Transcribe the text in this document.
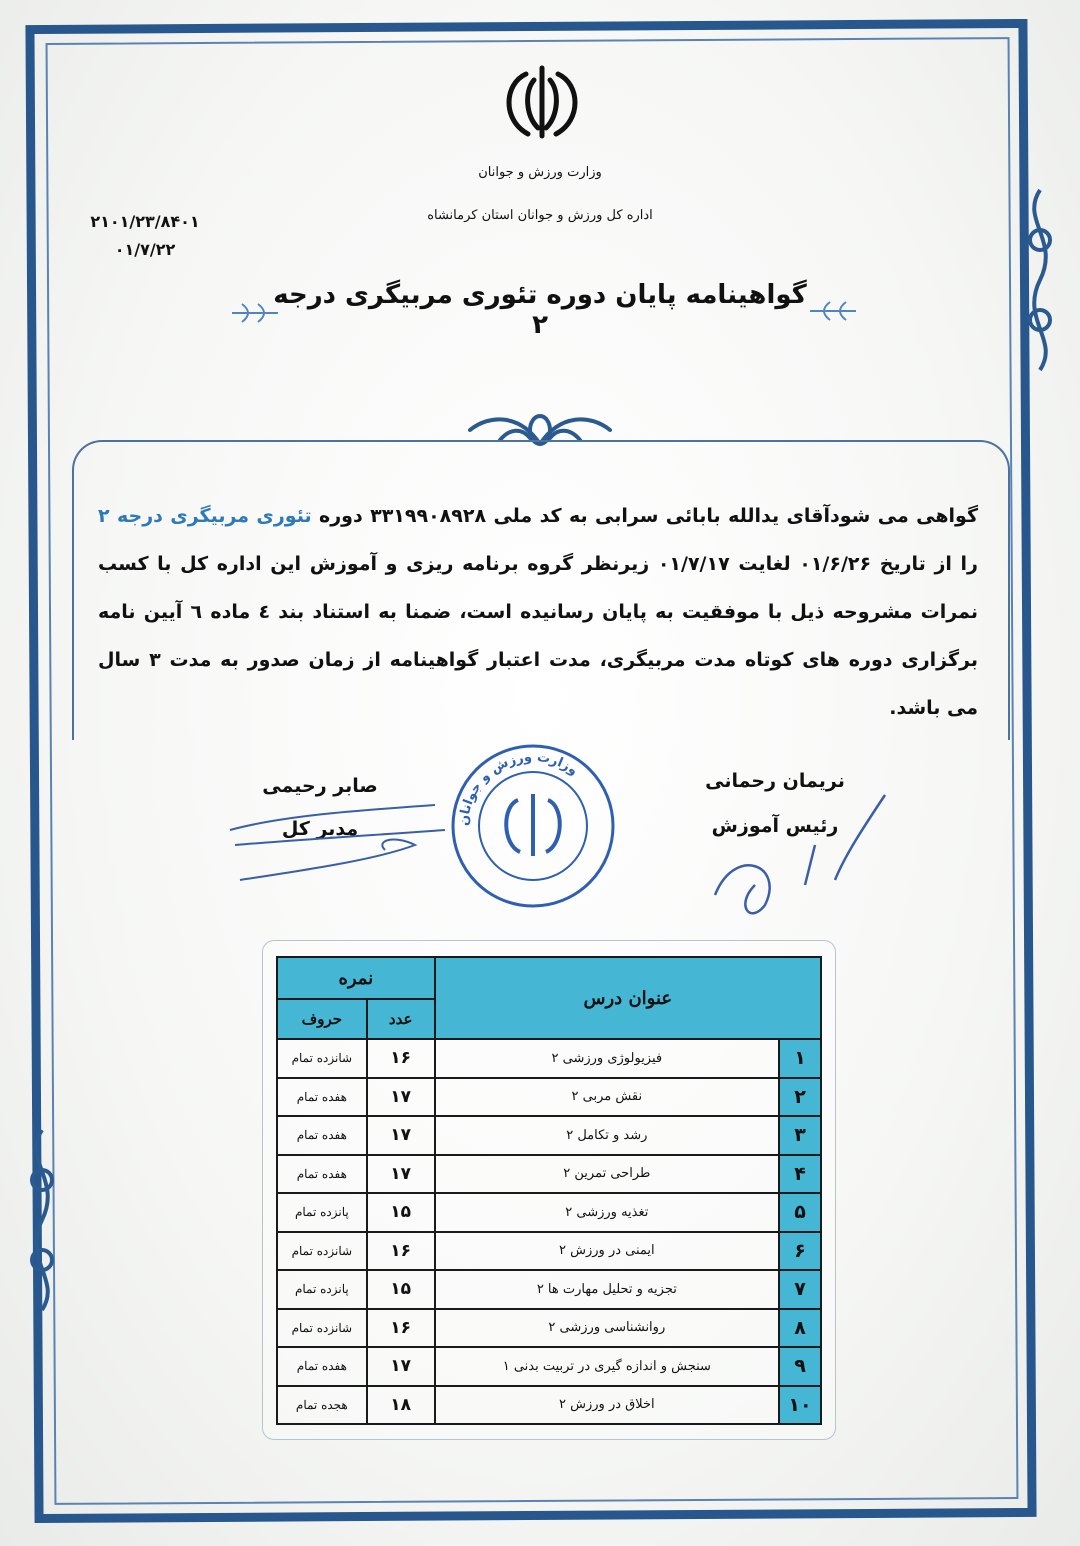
وزارت ورزش و جوانان
اداره کل ورزش و جوانان استان کرمانشاه
۲۱۰۱/۲۳/۸۴۰۱
۰۱/۷/۲۲
گواهینامه پایان دوره تئوری مربیگری درجه ۲
گواهی می شودآقای یدالله بابائی سرابی به کد ملی ۳۳۱۹۹۰۸۹۲۸ دوره تئوری مربیگری درجه ۲ را از تاریخ ۰۱/۶/۲۶ لغایت ۰۱/۷/۱۷ زیرنظر گروه برنامه ریزی و آموزش این اداره کل با کسب نمرات مشروحه ذیل با موفقیت به پایان رسانیده است، ضمنا به استناد بند ٤ ماده ٦ آیین نامه برگزاری دوره های کوتاه مدت مربیگری، مدت اعتبار گواهینامه از زمان صدور به مدت ۳ سال می باشد.
نریمان رحمانی
رئیس آموزش
صابر رحیمی
مدیر کل	وزارت ورزش و جوانان
عنوان درس		نمره	
		عدد	حروف
۱	فیزیولوژی ورزشی ۲	۱۶	شانزده تمام
۲	نقش مربی ۲	۱۷	هفده تمام
۳	رشد و تکامل ۲	۱۷	هفده تمام
۴	طراحی تمرین ۲	۱۷	هفده تمام
۵	تغذیه ورزشی ۲	۱۵	پانزده تمام
۶	ایمنی در ورزش ۲	۱۶	شانزده تمام
۷	تجزیه و تحلیل مهارت ها ۲	۱۵	پانزده تمام
۸	روانشناسی ورزشی ۲	۱۶	شانزده تمام
۹	سنجش و اندازه گیری در تربیت بدنی ۱	۱۷	هفده تمام
۱۰	اخلاق در ورزش ۲	۱۸	هجده تمام
